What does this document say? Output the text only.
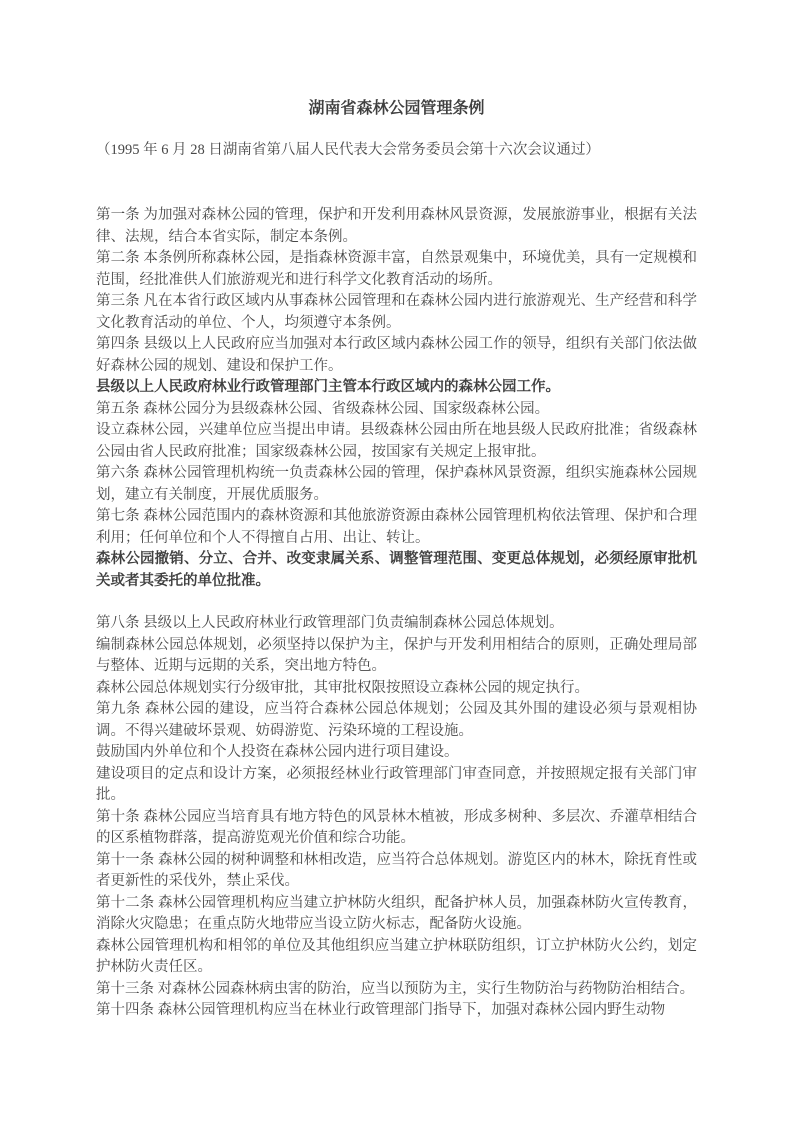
湖南省森林公园管理条例

（1995 年 6 月 28 日湖南省第八届人民代表大会常务委员会第十六次会议通过）

第一条 为加强对森林公园的管理，保护和开发利用森林风景资源，发展旅游事业，根据有关法律、法规，结合本省实际，制定本条例。

第二条 本条例所称森林公园，是指森林资源丰富，自然景观集中，环境优美，具有一定规模和范围，经批准供人们旅游观光和进行科学文化教育活动的场所。

第三条 凡在本省行政区域内从事森林公园管理和在森林公园内进行旅游观光、生产经营和科学文化教育活动的单位、个人，均须遵守本条例。

第四条 县级以上人民政府应当加强对本行政区域内森林公园工作的领导，组织有关部门依法做好森林公园的规划、建设和保护工作。

县级以上人民政府林业行政管理部门主管本行政区域内的森林公园工作。

第五条 森林公园分为县级森林公园、省级森林公园、国家级森林公园。

设立森林公园，兴建单位应当提出申请。县级森林公园由所在地县级人民政府批准；省级森林公园由省人民政府批准；国家级森林公园，按国家有关规定上报审批。

第六条 森林公园管理机构统一负责森林公园的管理，保护森林风景资源，组织实施森林公园规划，建立有关制度，开展优质服务。

第七条 森林公园范围内的森林资源和其他旅游资源由森林公园管理机构依法管理、保护和合理利用；任何单位和个人不得擅自占用、出让、转让。

森林公园撤销、分立、合并、改变隶属关系、调整管理范围、变更总体规划，必须经原审批机关或者其委托的单位批准。

第八条 县级以上人民政府林业行政管理部门负责编制森林公园总体规划。

编制森林公园总体规划，必须坚持以保护为主，保护与开发利用相结合的原则，正确处理局部与整体、近期与远期的关系，突出地方特色。

森林公园总体规划实行分级审批，其审批权限按照设立森林公园的规定执行。

第九条 森林公园的建设，应当符合森林公园总体规划；公园及其外围的建设必须与景观相协调。不得兴建破坏景观、妨碍游览、污染环境的工程设施。

鼓励国内外单位和个人投资在森林公园内进行项目建设。

建设项目的定点和设计方案，必须报经林业行政管理部门审查同意，并按照规定报有关部门审批。

第十条 森林公园应当培育具有地方特色的风景林木植被，形成多树种、多层次、乔灌草相结合的区系植物群落，提高游览观光价值和综合功能。

第十一条 森林公园的树种调整和林相改造，应当符合总体规划。游览区内的林木，除抚育性或者更新性的采伐外，禁止采伐。

第十二条 森林公园管理机构应当建立护林防火组织，配备护林人员，加强森林防火宣传教育，消除火灾隐患；在重点防火地带应当设立防火标志，配备防火设施。

森林公园管理机构和相邻的单位及其他组织应当建立护林联防组织，订立护林防火公约，划定护林防火责任区。

第十三条 对森林公园森林病虫害的防治，应当以预防为主，实行生物防治与药物防治相结合。

第十四条 森林公园管理机构应当在林业行政管理部门指导下，加强对森林公园内野生动物
